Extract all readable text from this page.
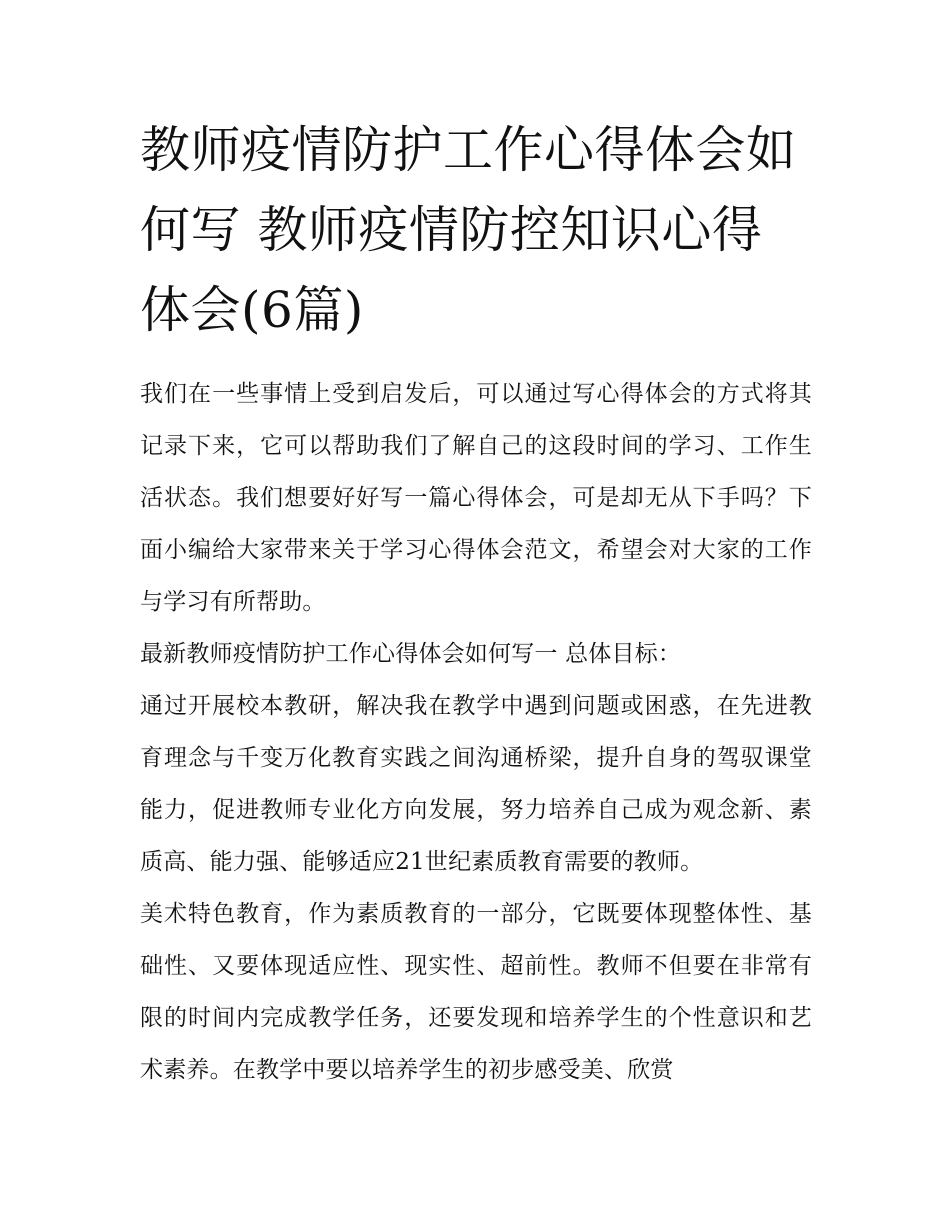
教师疫情防护工作心得体会如何写 教师疫情防控知识心得体会(6篇)

我们在一些事情上受到启发后，可以通过写心得体会的方式将其记录下来，它可以帮助我们了解自己的这段时间的学习、工作生活状态。我们想要好好写一篇心得体会，可是却无从下手吗？下面小编给大家带来关于学习心得体会范文，希望会对大家的工作与学习有所帮助。

最新教师疫情防护工作心得体会如何写一 总体目标：

通过开展校本教研，解决我在教学中遇到问题或困惑，在先进教育理念与千变万化教育实践之间沟通桥梁，提升自身的驾驭课堂能力，促进教师专业化方向发展，努力培养自己成为观念新、素质高、能力强、能够适应21世纪素质教育需要的教师。

美术特色教育，作为素质教育的一部分，它既要体现整体性、基础性、又要体现适应性、现实性、超前性。教师不但要在非常有限的时间内完成教学任务，还要发现和培养学生的个性意识和艺术素养。在教学中要以培养学生的初步感受美、欣赏
